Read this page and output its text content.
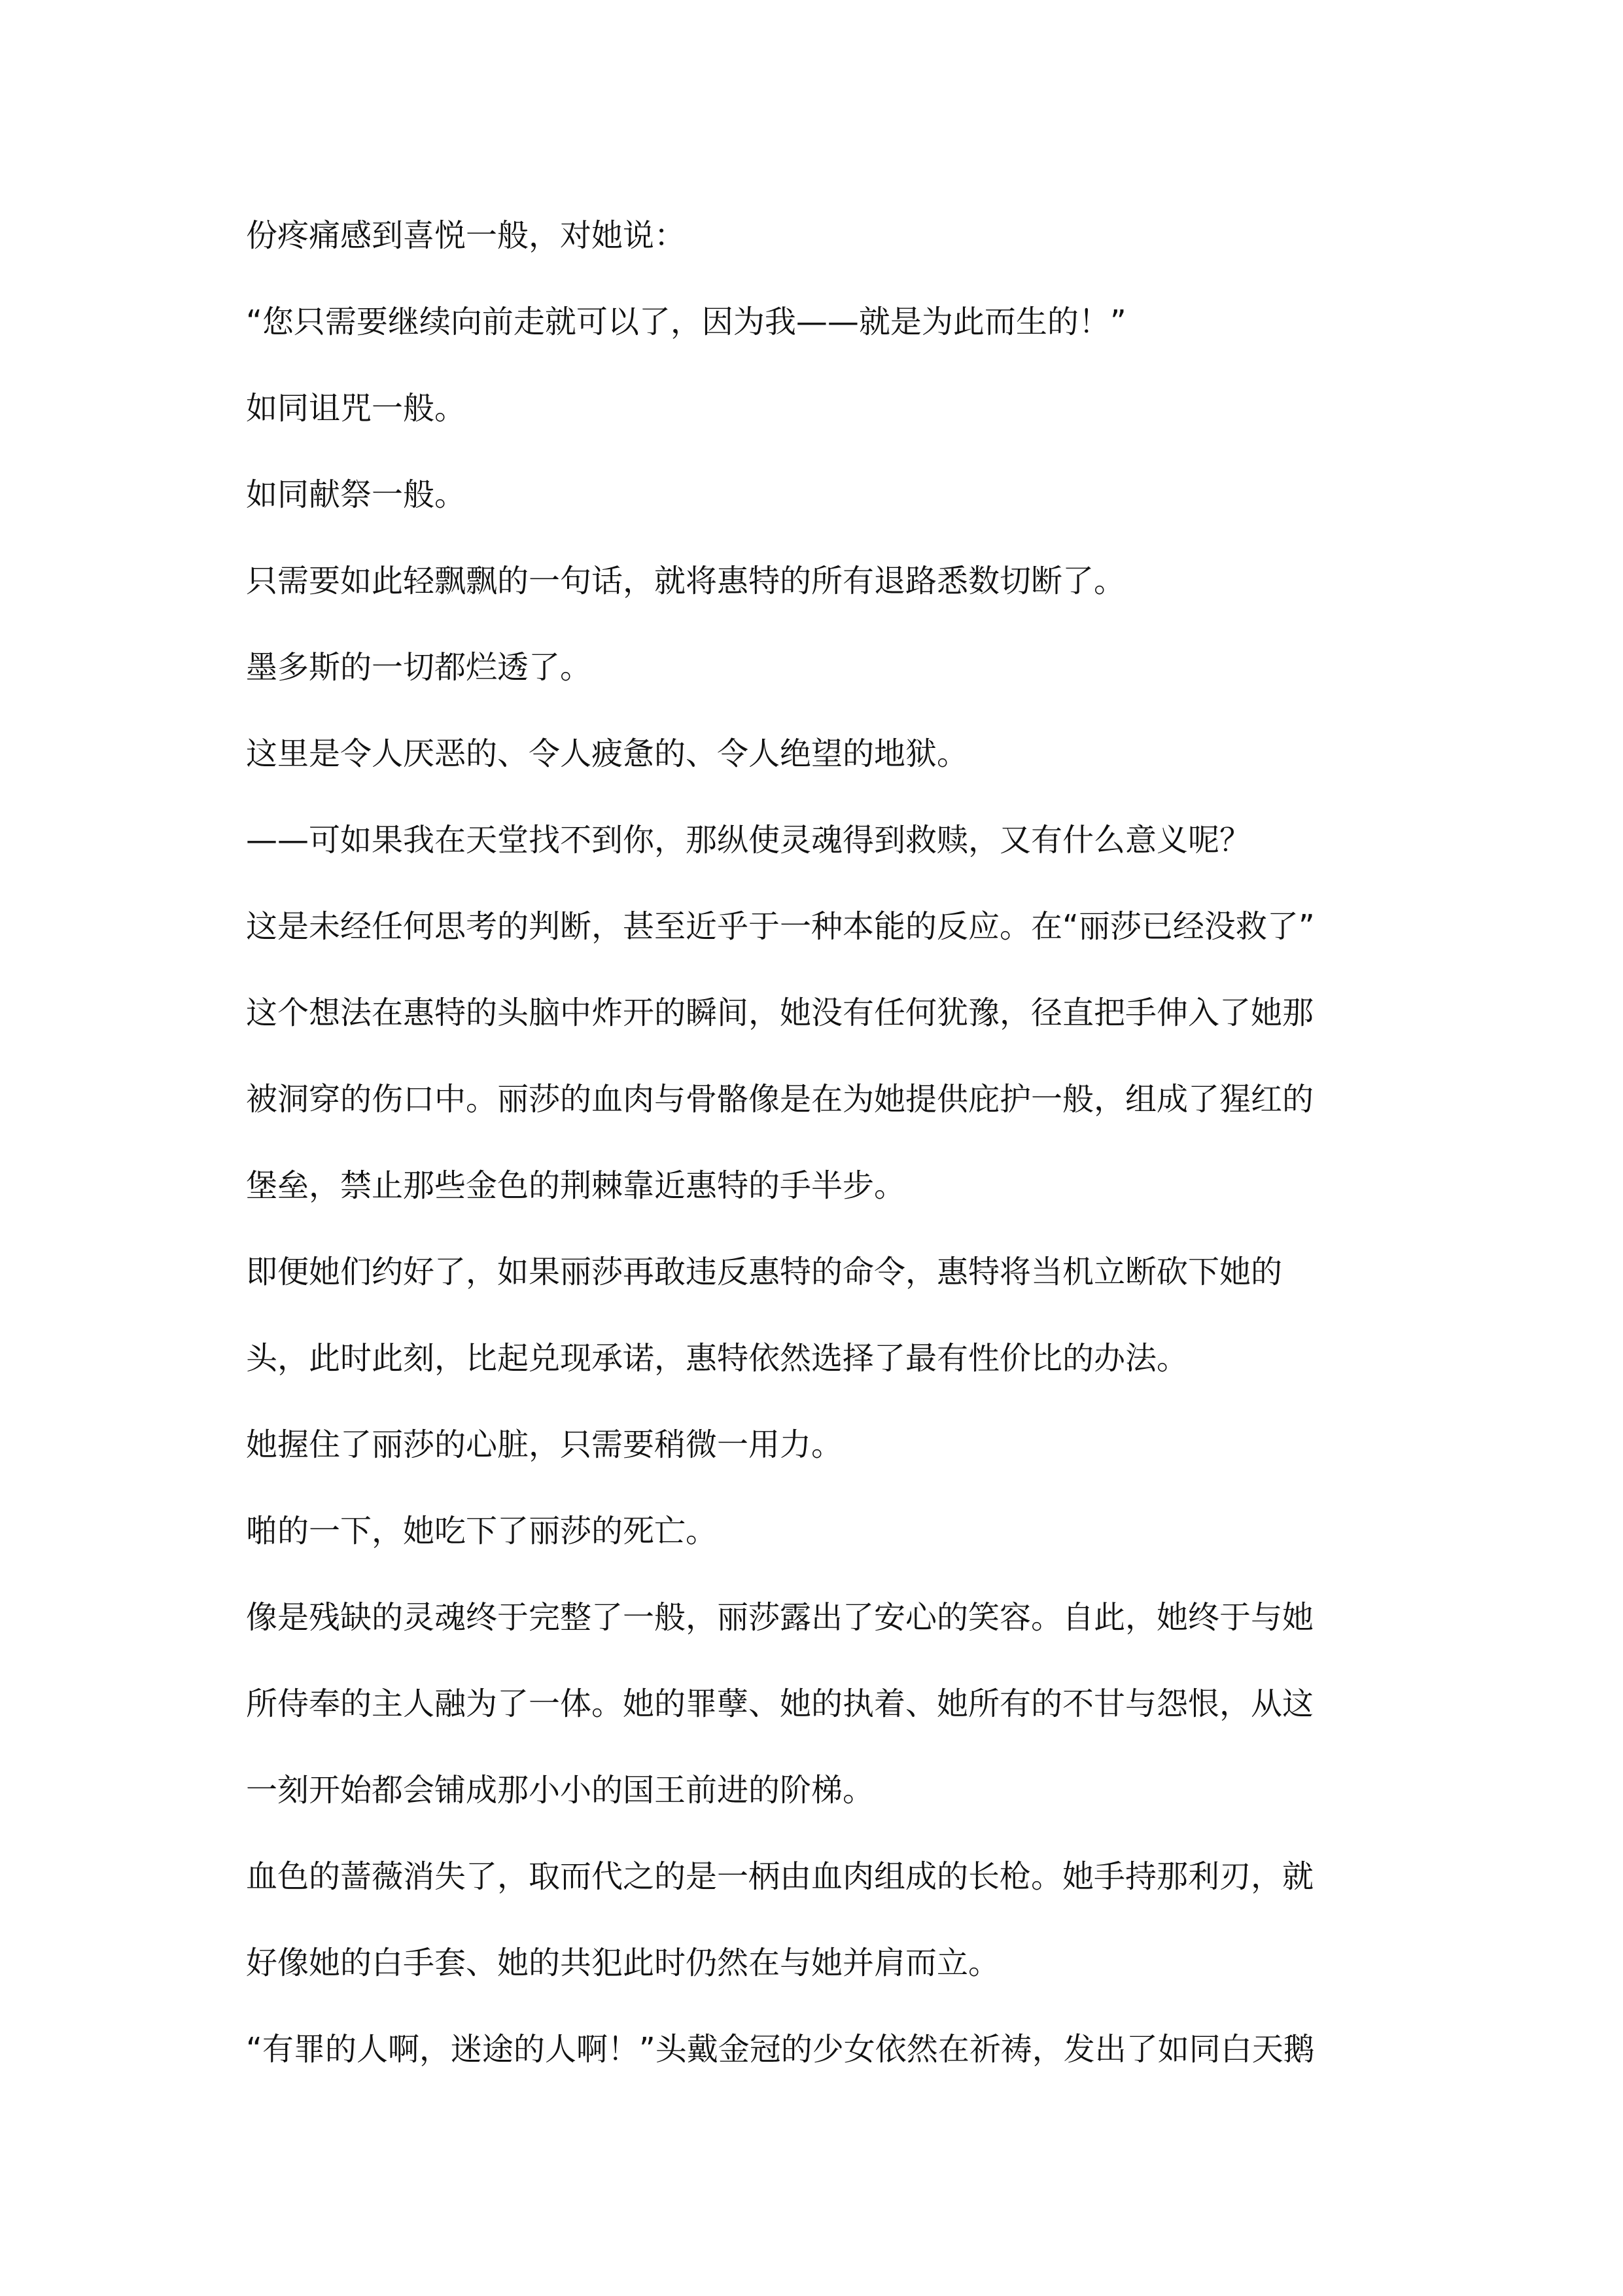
份疼痛感到喜悦一般，对她说：

“您只需要继续向前走就可以了，因为我——就是为此而生的！”

如同诅咒一般。

如同献祭一般。

只需要如此轻飘飘的一句话，就将惠特的所有退路悉数切断了。

墨多斯的一切都烂透了。

这里是令人厌恶的、令人疲惫的、令人绝望的地狱。

——可如果我在天堂找不到你，那纵使灵魂得到救赎，又有什么意义呢？

这是未经任何思考的判断，甚至近乎于一种本能的反应。在“丽莎已经没救了”

这个想法在惠特的头脑中炸开的瞬间，她没有任何犹豫，径直把手伸入了她那

被洞穿的伤口中。丽莎的血肉与骨骼像是在为她提供庇护一般，组成了猩红的

堡垒，禁止那些金色的荆棘靠近惠特的手半步。

即便她们约好了，如果丽莎再敢违反惠特的命令，惠特将当机立断砍下她的

头，此时此刻，比起兑现承诺，惠特依然选择了最有性价比的办法。

她握住了丽莎的心脏，只需要稍微一用力。

啪的一下，她吃下了丽莎的死亡。

像是残缺的灵魂终于完整了一般，丽莎露出了安心的笑容。自此，她终于与她

所侍奉的主人融为了一体。她的罪孽、她的执着、她所有的不甘与怨恨，从这

一刻开始都会铺成那小小的国王前进的阶梯。

血色的蔷薇消失了，取而代之的是一柄由血肉组成的长枪。她手持那利刃，就

好像她的白手套、她的共犯此时仍然在与她并肩而立。

“有罪的人啊，迷途的人啊！”头戴金冠的少女依然在祈祷，发出了如同白天鹅
